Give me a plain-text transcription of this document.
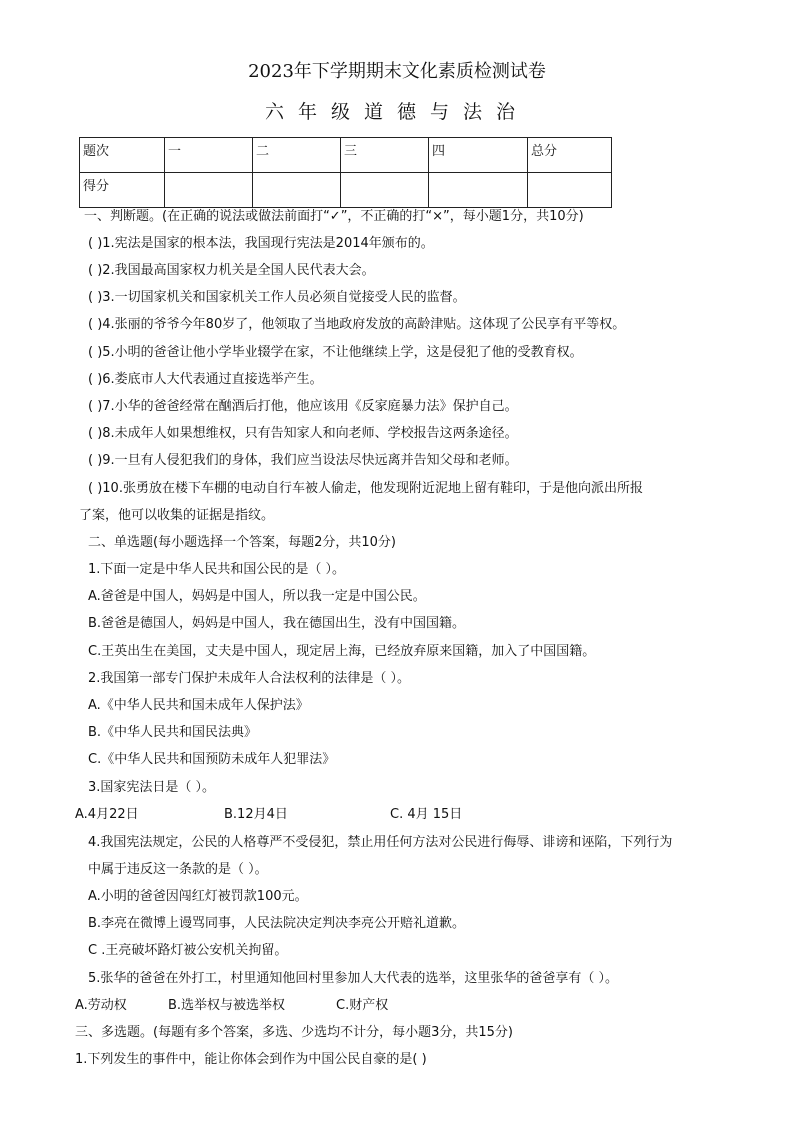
2023年下学期期末文化素质检测试卷
六年级道德与法治
题次	一	二	三	四	总分
得分					
一、判断题。(在正确的说法或做法前面打“✓”，不正确的打“×”，每小题1分，共10分)
( )1.宪法是国家的根本法，我国现行宪法是2014年颁布的。
( )2.我国最高国家权力机关是全国人民代表大会。
( )3.一切国家机关和国家机关工作人员必须自觉接受人民的监督。
( )4.张丽的爷爷今年80岁了，他领取了当地政府发放的高龄津贴。这体现了公民享有平等权。
( )5.小明的爸爸让他小学毕业辍学在家，不让他继续上学，这是侵犯了他的受教育权。
( )6.娄底市人大代表通过直接选举产生。
( )7.小华的爸爸经常在酗酒后打他，他应该用《反家庭暴力法》保护自己。
( )8.未成年人如果想维权，只有告知家人和向老师、学校报告这两条途径。
( )9.一旦有人侵犯我们的身体，我们应当设法尽快远离并告知父母和老师。
( )10.张勇放在楼下车棚的电动自行车被人偷走，他发现附近泥地上留有鞋印，于是他向派出所报
了案，他可以收集的证据是指纹。
二、单选题(每小题选择一个答案，每题2分，共10分)
1.下面一定是中华人民共和国公民的是（ ）。
A.爸爸是中国人，妈妈是中国人，所以我一定是中国公民。
B.爸爸是德国人，妈妈是中国人，我在德国出生，没有中国国籍。
C.王英出生在美国，丈夫是中国人，现定居上海，已经放弃原来国籍，加入了中国国籍。
2.我国第一部专门保护未成年人合法权利的法律是（ ）。
A.《中华人民共和国未成年人保护法》
B.《中华人民共和国民法典》
C.《中华人民共和国预防未成年人犯罪法》
3.国家宪法日是（ ）。
A.4月22日	B.12月4日	C. 4月 15日
4.我国宪法规定，公民的人格尊严不受侵犯，禁止用任何方法对公民进行侮辱、诽谤和诬陷，下列行为
中属于违反这一条款的是（ ）。
A.小明的爸爸因闯红灯被罚款100元。
B.李亮在微博上谩骂同事，人民法院决定判决李亮公开赔礼道歉。
C .王亮破坏路灯被公安机关拘留。
5.张华的爸爸在外打工，村里通知他回村里参加人大代表的选举，这里张华的爸爸享有（ ）。
A.劳动权	B.选举权与被选举权	C.财产权
三、多选题。(每题有多个答案，多选、少选均不计分，每小题3分，共15分)
1.下列发生的事件中，能让你体会到作为中国公民自豪的是( )
